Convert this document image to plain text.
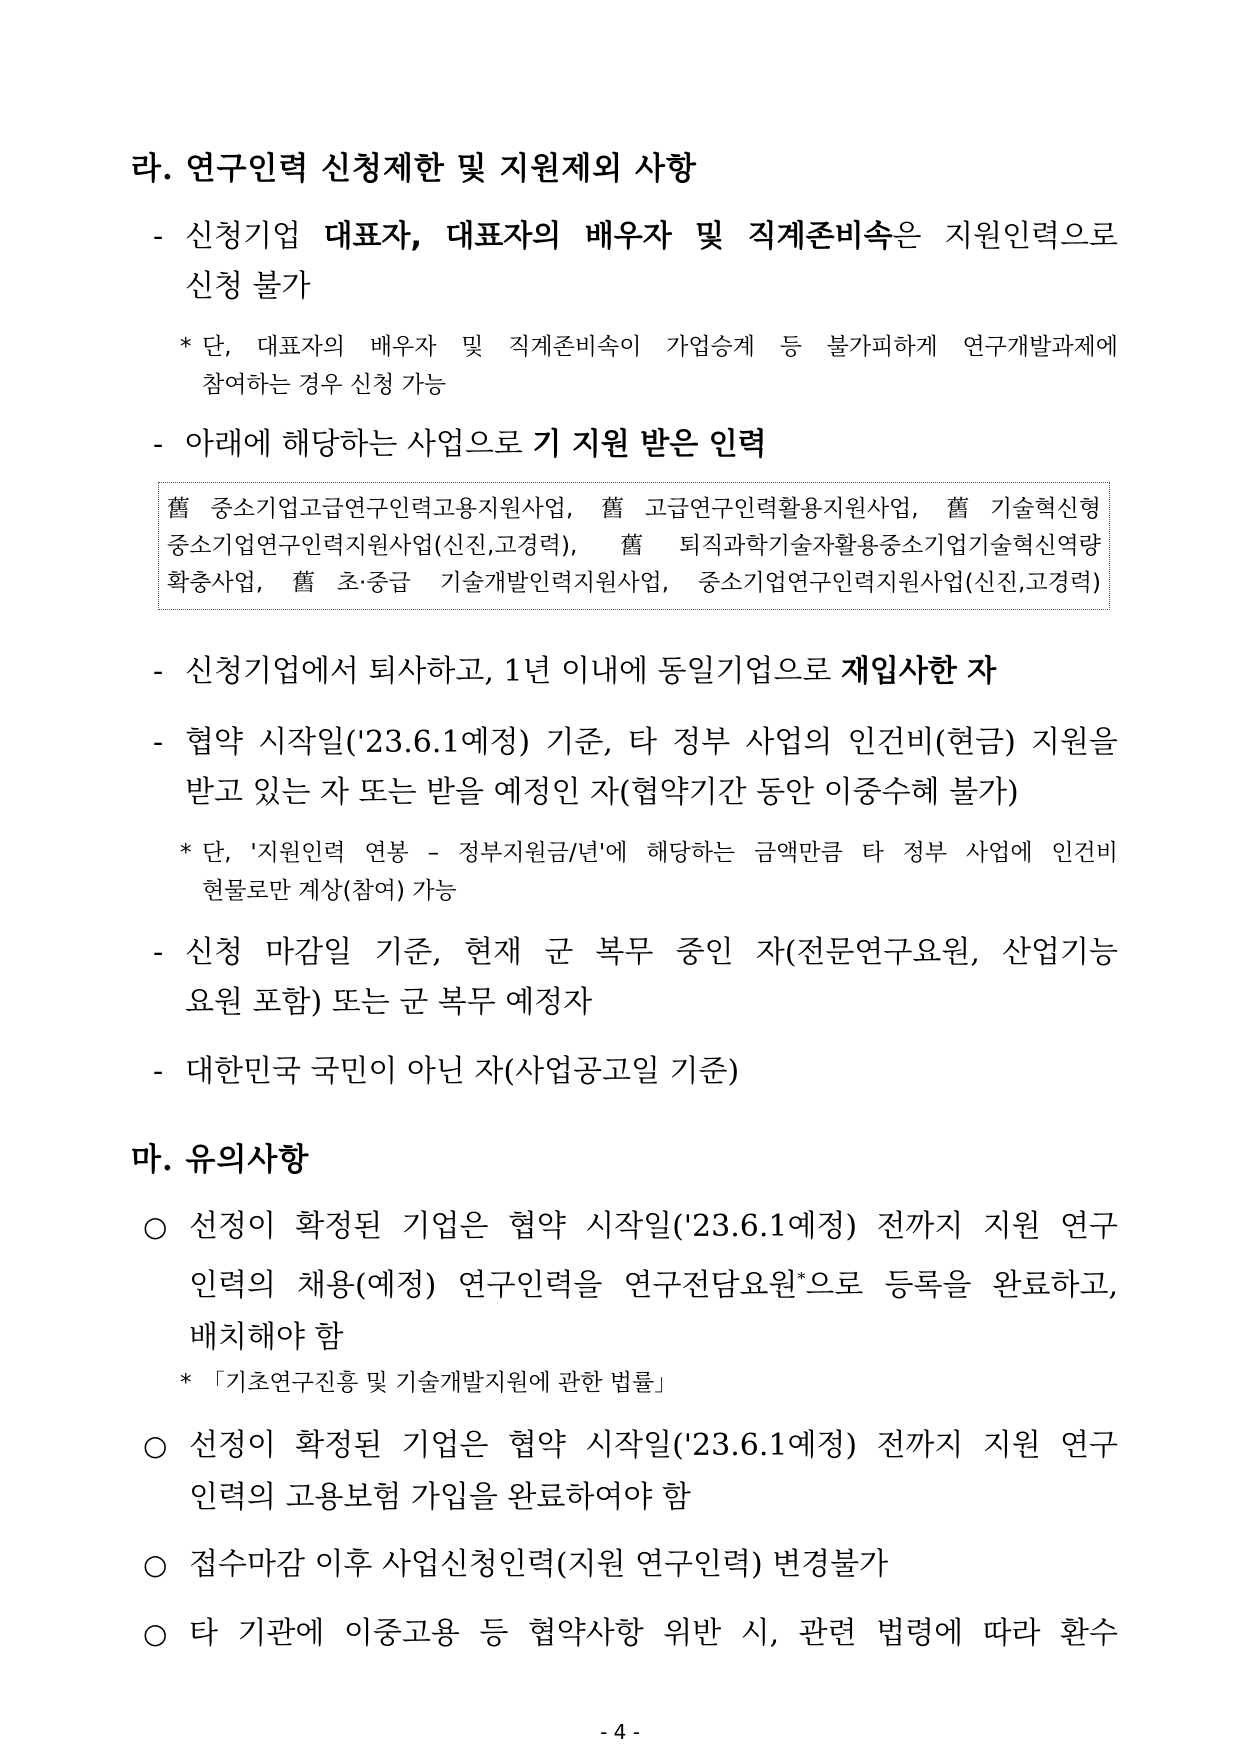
라. 연구인력 신청제한 및 지원제외 사항
- 신청기업 대표자, 대표자의 배우자 및 직계존비속은 지원인력으로
신청 불가
* 단, 대표자의 배우자 및 직계존비속이 가업승계 등 불가피하게 연구개발과제에
참여하는 경우 신청 가능
- 아래에 해당하는 사업으로 기 지원 받은 인력
舊중소기업고급연구인력고용지원사업, 舊고급연구인력활용지원사업, 舊기술혁신형
중소기업연구인력지원사업(신진,고경력), 舊퇴직과학기술자활용중소기업기술혁신역량
확충사업, 舊초·중급 기술개발인력지원사업, 중소기업연구인력지원사업(신진,고경력)
- 신청기업에서 퇴사하고, 1년 이내에 동일기업으로 재입사한 자
- 협약 시작일('23.6.1예정) 기준, 타 정부 사업의 인건비(현금) 지원을
받고 있는 자 또는 받을 예정인 자(협약기간 동안 이중수혜 불가)
* 단, '지원인력 연봉 – 정부지원금/년'에 해당하는 금액만큼 타 정부 사업에 인건비
현물로만 계상(참여) 가능
- 신청 마감일 기준, 현재 군 복무 중인 자(전문연구요원, 산업기능
요원 포함) 또는 군 복무 예정자
- 대한민국 국민이 아닌 자(사업공고일 기준)
마. 유의사항
○ 선정이 확정된 기업은 협약 시작일('23.6.1예정) 전까지 지원 연구
인력의 채용(예정) 연구인력을 연구전담요원*으로 등록을 완료하고,
배치해야 함
* 「기초연구진흥 및 기술개발지원에 관한 법률」
○ 선정이 확정된 기업은 협약 시작일('23.6.1예정) 전까지 지원 연구
인력의 고용보험 가입을 완료하여야 함
○ 접수마감 이후 사업신청인력(지원 연구인력) 변경불가
○ 타 기관에 이중고용 등 협약사항 위반 시, 관련 법령에 따라 환수
- 4 -
